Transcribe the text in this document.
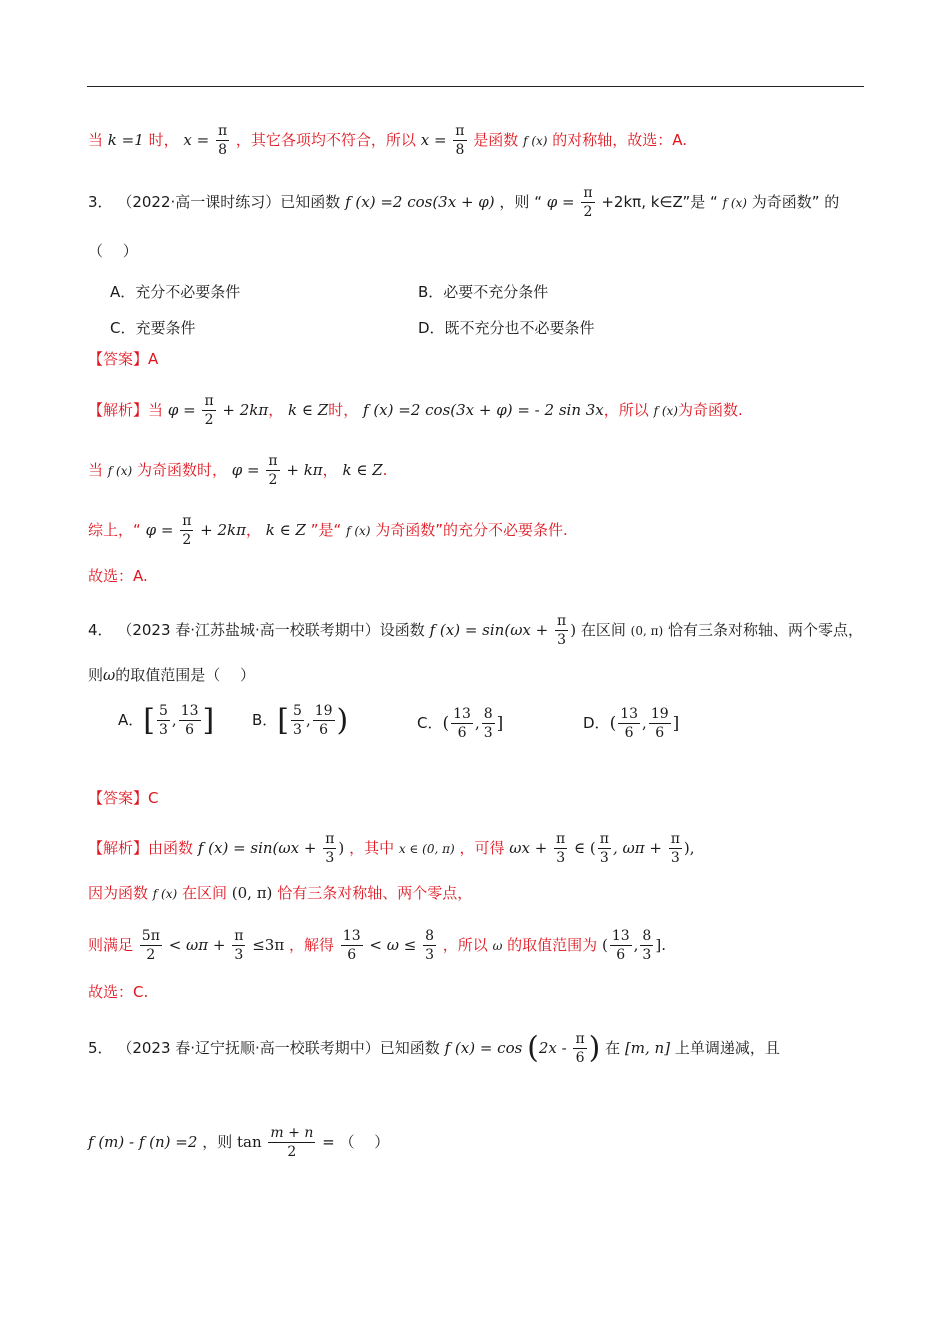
当 k =1 时， $x = \frac{\pi}{8}$ ，其它各项均不符合，所以 $x = \frac{\pi}{8}$ 是函数 f (x) 的对称轴，故选：A.
3． （2022·高一课时练习）已知函数 f (x) =2 cos(3x + φ) ，则 “ $\varphi = \frac{\pi}{2} +2k\pi$, k∈Z”是 “ f (x) 为奇函数” 的
（　 ）
A．充分不必要条件	B．必要不充分条件
C．充要条件	D．既不充分也不必要条件
【答案】A
【解析】当 $\varphi = \frac{\pi}{2} + 2k\pi$， k ∈ Z时， f (x) =2 cos(3x + φ) = - 2 sin 3x，所以 f (x)为奇函数.
当 f (x) 为奇函数时， $\varphi = \frac{\pi}{2} + k\pi$， k ∈ Z.
综上，“ $\varphi = \frac{\pi}{2} + 2k\pi$， k ∈ Z ”是“ f (x) 为奇函数”的充分不必要条件.
故选：A.
4． （2023 春·江苏盐城·高一校联考期中）设函数 f $(x) = \sin(\omega x + \frac{\pi}{3}$ ) 在区间 (0, π) 恰有三条对称轴、两个零点，
则ω的取值范围是（　 ）
A．[ $\frac{5}{3}$ , $\frac{13}{6}$ ]	B．[ $\frac{5}{3}$ , $\frac{19}{6}$ )	C．( $\frac{13}{6}$ , $\frac{8}{3}$ ]	D．( $\frac{13}{6}$ , $\frac{19}{6}$ ]
【答案】C
【解析】由函数 f $(x) = \sin(\omega x + \frac{\pi}{3}$ ) ，其中 x ∈ (0, π) ，可得 $\omega x + \frac{\pi}{3}$ ∈ ( $\frac{\pi}{3}$ , $\omega\pi + \frac{\pi}{3}$ ),
因为函数 f (x) 在区间 (0, π) 恰有三条对称轴、两个零点，
则满足 $\frac{5\pi}{2} < \omega\pi + \frac{\pi}{3} \le 3\pi$ ，解得 $\frac{13}{6} < \omega \le \frac{8}{3}$ ，所以 ω 的取值范围为 ( $\frac{13}{6}$ , $\frac{8}{3}$ ].
故选：C.
5． （2023 春·辽宁抚顺·高一校联考期中）已知函数 f $(x) = \cos (2x - \frac{\pi}{6}$ ) 在 [m, n] 上单调递减，且
f (m) - f (n) =2 ，则 $\tan \frac{m + n}{2}$ = （　 ）
